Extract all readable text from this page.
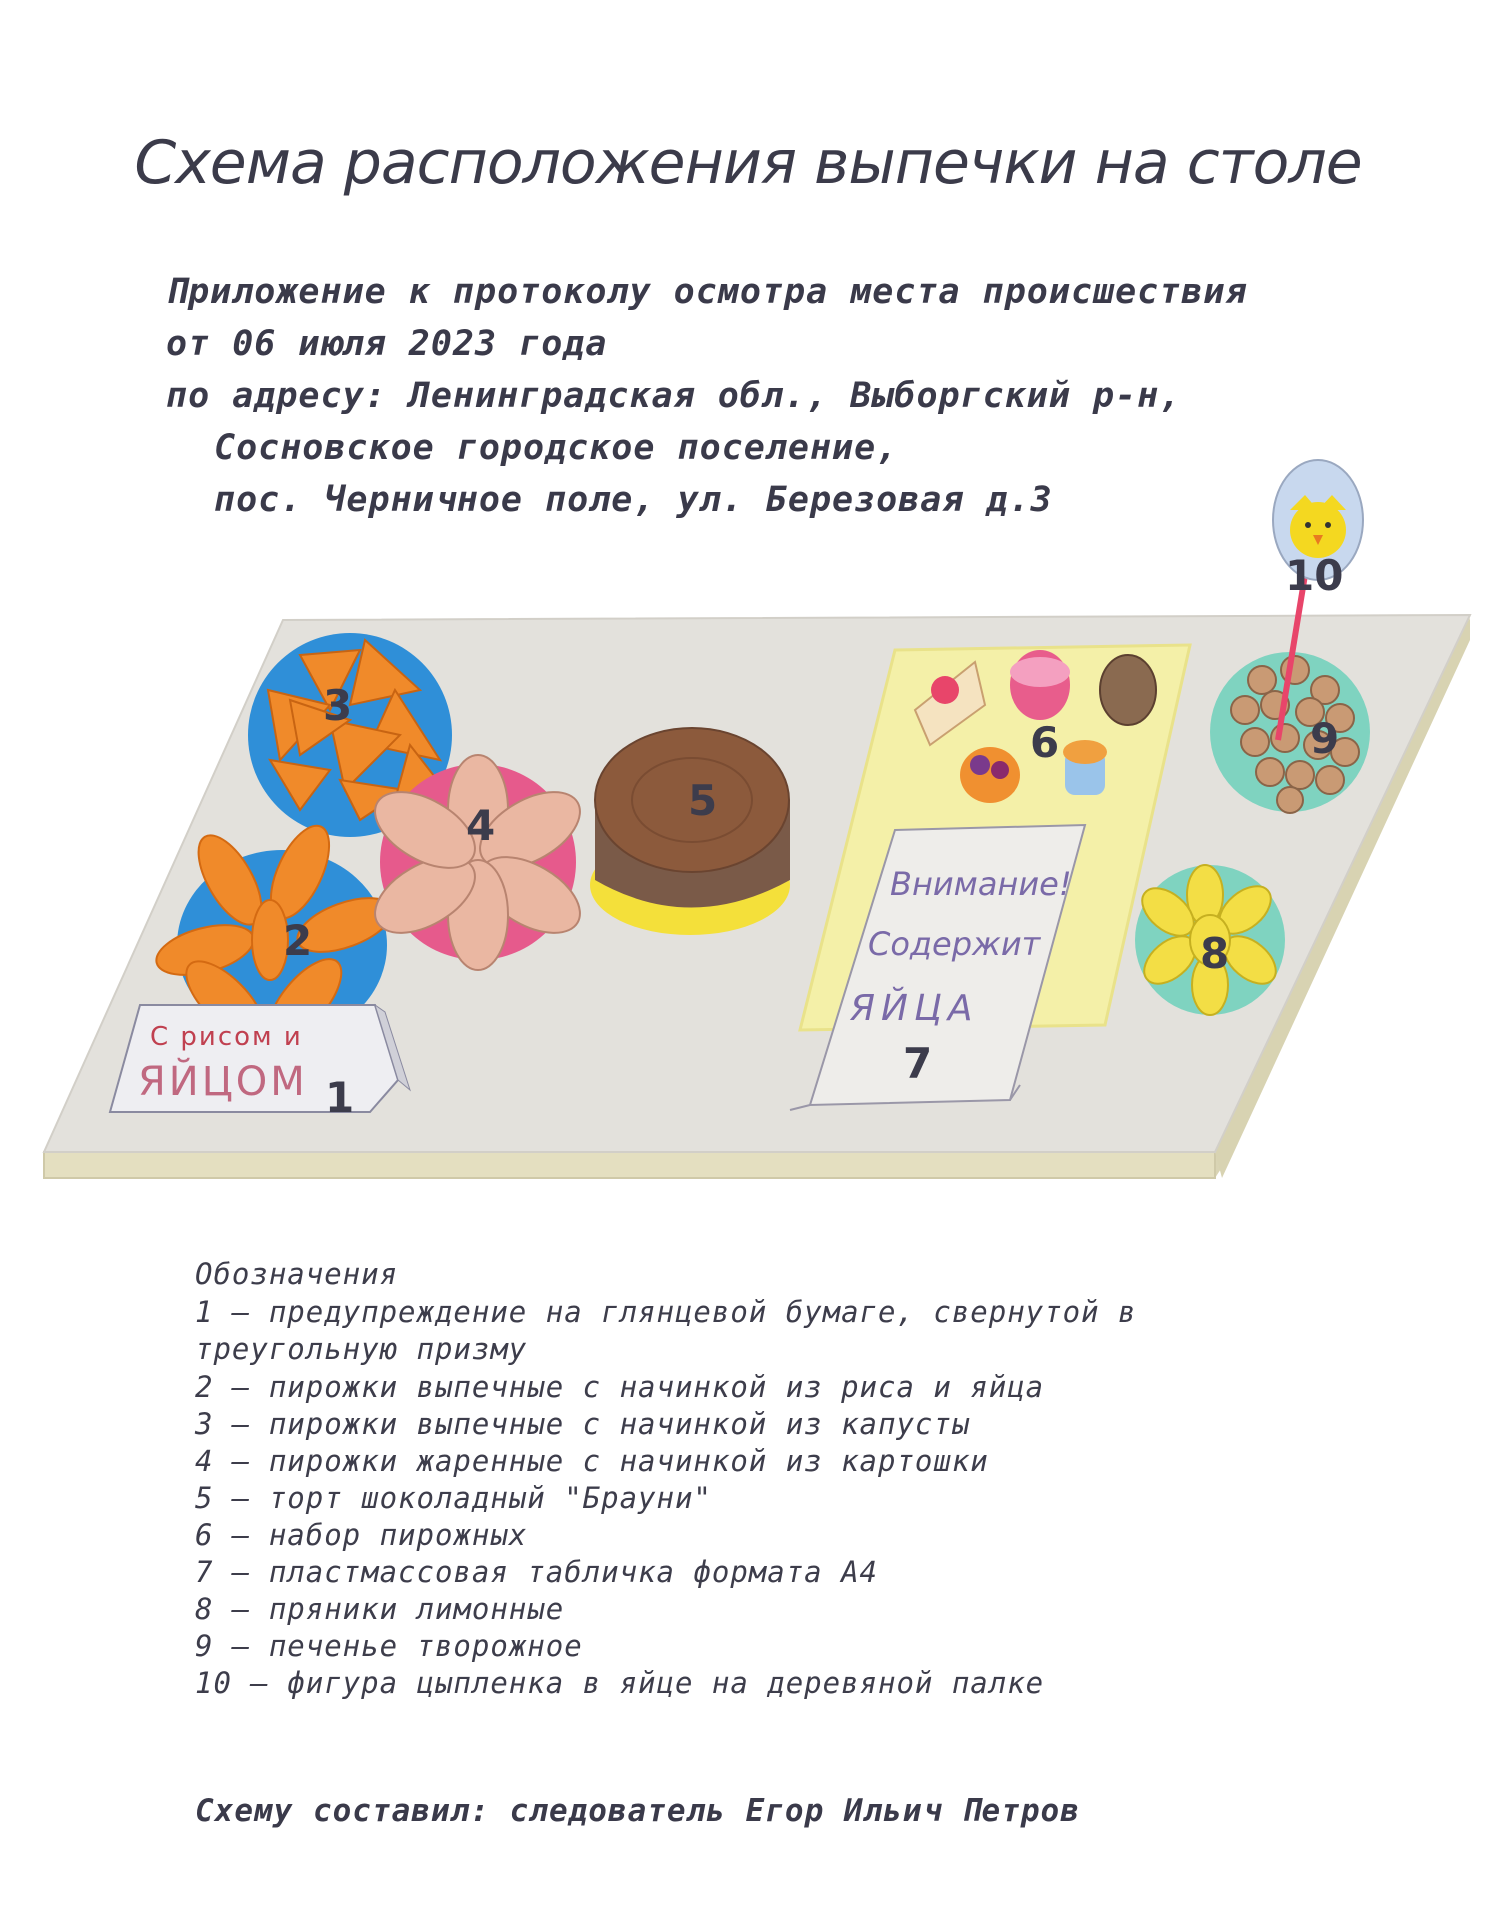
Схема расположения выпечки на столе
Приложение к протоколу осмотра места происшествия
от 06 июля 2023 года
по адресу: Ленинградская обл., Выборгский р-н,
Сосновское городское поселение,
пос. Черничное поле, ул. Березовая д.3
Внимание!
Содержит
ЯЙЦА
С рисом и
ЯЙЦОМ 1
2
3
4
5
6
7
8
9
10
Обозначения
1 – предупреждение на глянцевой бумаге, свернутой в
треугольную призму
2 – пирожки выпечные с начинкой из риса и яйца
3 – пирожки выпечные с начинкой из капусты
4 – пирожки жаренные с начинкой из картошки
5 – торт шоколадный "Брауни"
6 – набор пирожных
7 – пластмассовая табличка формата А4
8 – пряники лимонные
9 – печенье творожное
10 – фигура цыпленка в яйце на деревяной палке
Схему составил: следователь Егор Ильич Петров
